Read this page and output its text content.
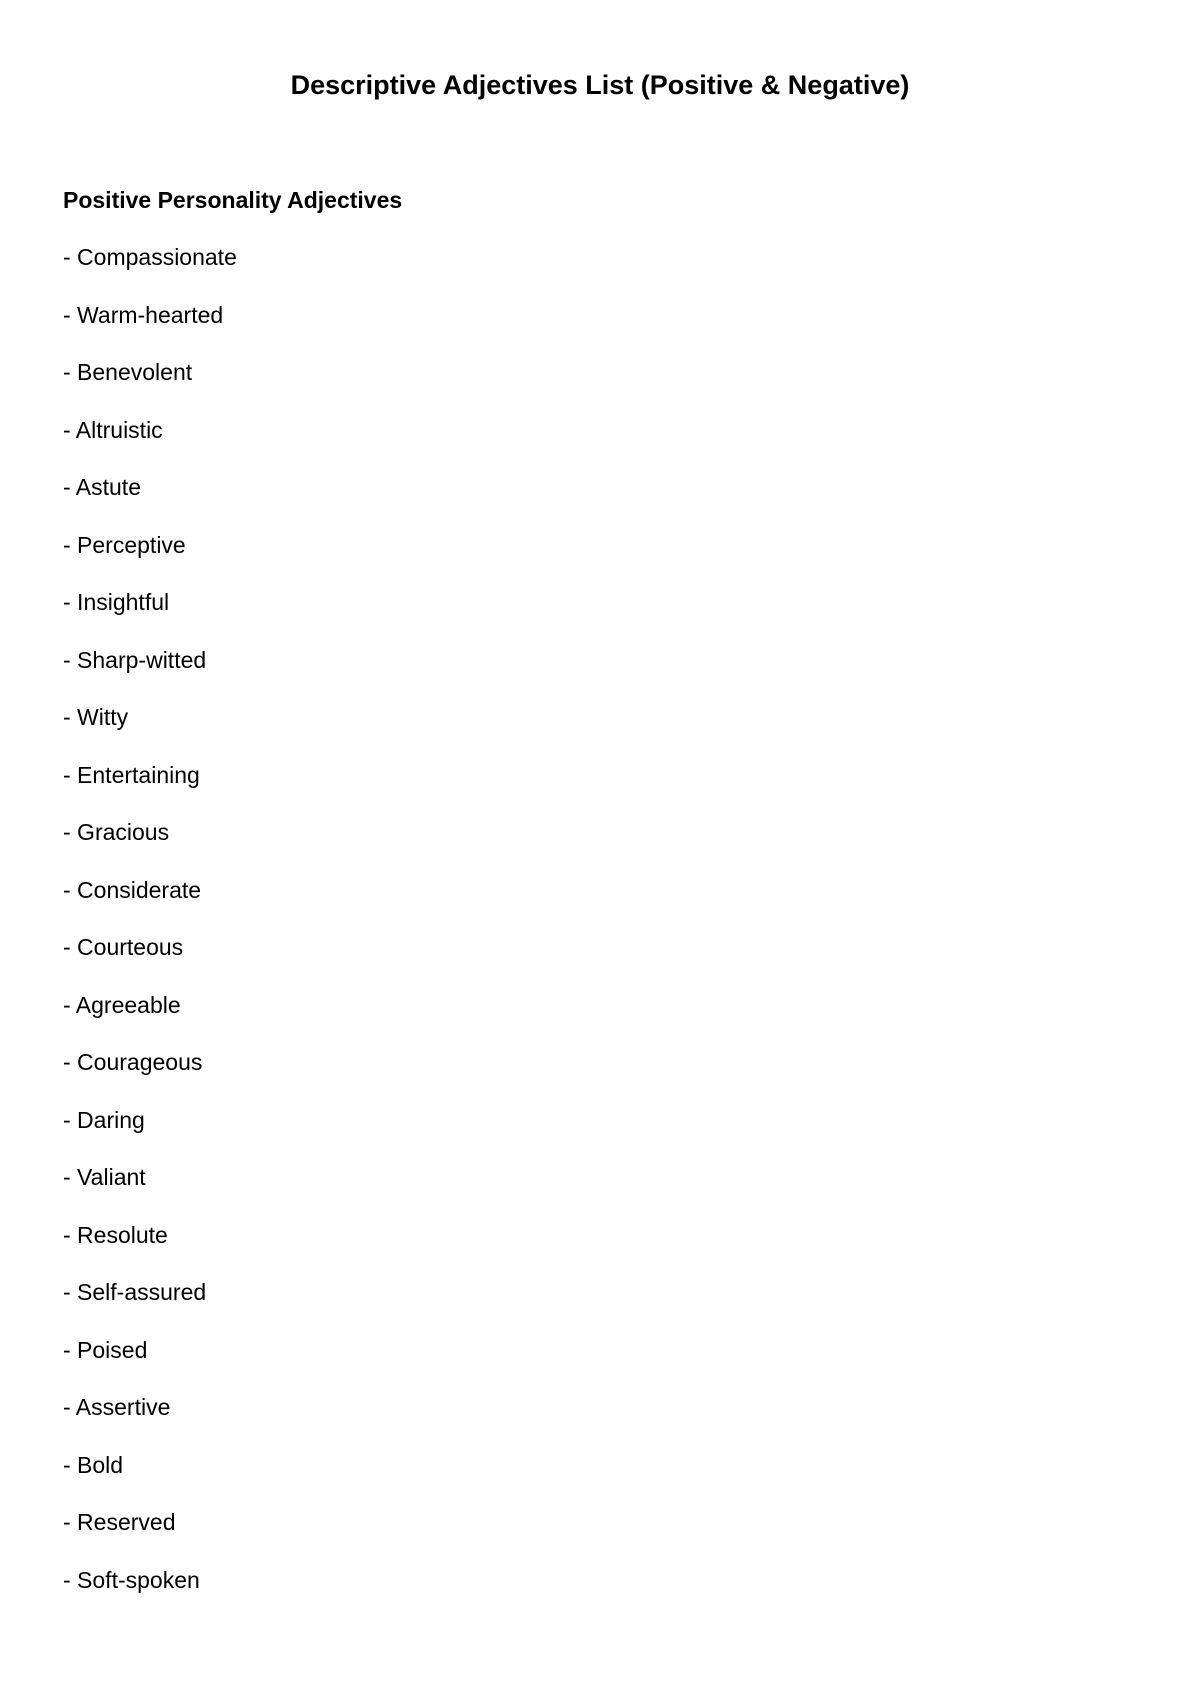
Descriptive Adjectives List (Positive & Negative)
Positive Personality Adjectives
- Compassionate
- Warm-hearted
- Benevolent
- Altruistic
- Astute
- Perceptive
- Insightful
- Sharp-witted
- Witty
- Entertaining
- Gracious
- Considerate
- Courteous
- Agreeable
- Courageous
- Daring
- Valiant
- Resolute
- Self-assured
- Poised
- Assertive
- Bold
- Reserved
- Soft-spoken
